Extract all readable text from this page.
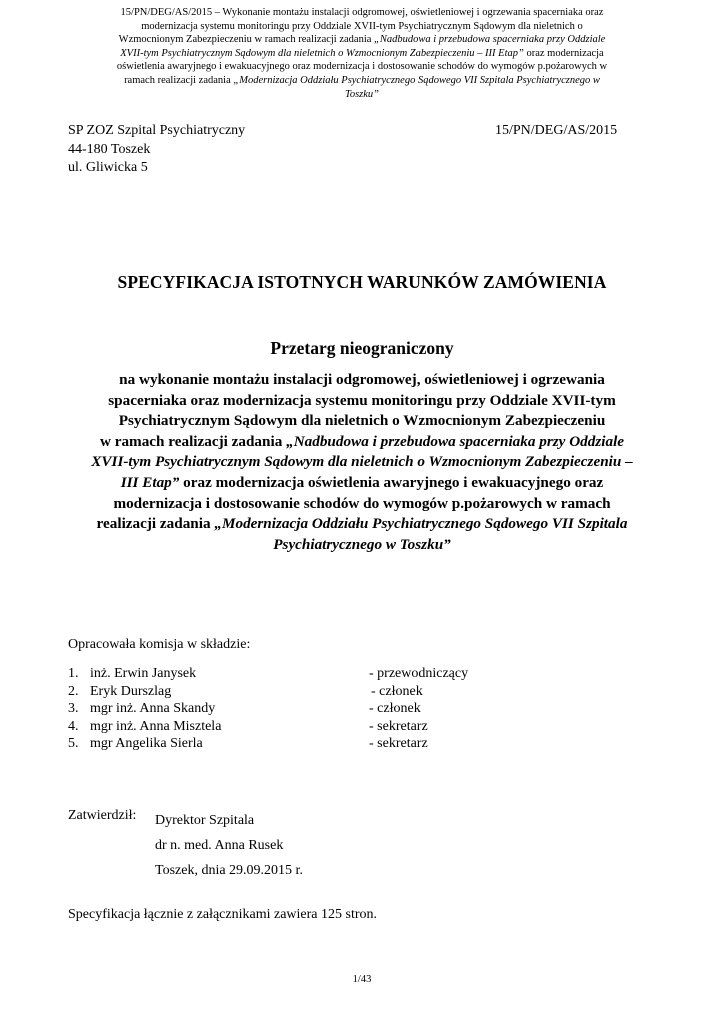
15/PN/DEG/AS/2015 – Wykonanie montażu instalacji odgromowej, oświetleniowej i ogrzewania spacerniaka oraz
modernizacja systemu monitoringu przy Oddziale XVII-tym Psychiatrycznym Sądowym dla nieletnich o
Wzmocnionym Zabezpieczeniu w ramach realizacji zadania „Nadbudowa i przebudowa spacerniaka przy Oddziale
XVII-tym Psychiatrycznym Sądowym dla nieletnich o Wzmocnionym Zabezpieczeniu – III Etap” oraz modernizacja
oświetlenia awaryjnego i ewakuacyjnego oraz modernizacja i dostosowanie schodów do wymogów p.pożarowych w
ramach realizacji zadania „Modernizacja Oddziału Psychiatrycznego Sądowego VII Szpitala Psychiatrycznego w
Toszku”
SP ZOZ Szpital Psychiatryczny
44-180 Toszek
ul. Gliwicka 5
15/PN/DEG/AS/2015
SPECYFIKACJA ISTOTNYCH WARUNKÓW ZAMÓWIENIA
Przetarg nieograniczony
na wykonanie montażu instalacji odgromowej, oświetleniowej i ogrzewania
spacerniaka oraz modernizacja systemu monitoringu przy Oddziale XVII-tym
Psychiatrycznym Sądowym dla nieletnich o Wzmocnionym Zabezpieczeniu
w ramach realizacji zadania „Nadbudowa i przebudowa spacerniaka przy Oddziale
XVII-tym Psychiatrycznym Sądowym dla nieletnich o Wzmocnionym Zabezpieczeniu –
III Etap” oraz modernizacja oświetlenia awaryjnego i ewakuacyjnego oraz
modernizacja i dostosowanie schodów do wymogów p.pożarowych w ramach
realizacji zadania „Modernizacja Oddziału Psychiatrycznego Sądowego VII Szpitala
Psychiatrycznego w Toszku”
Opracowała komisja w składzie:
1. inż. Erwin Janysek	- przewodniczący
2. Eryk Durszlag	- członek
3. mgr inż. Anna Skandy	- członek
4. mgr inż. Anna Misztela	- sekretarz
5. mgr Angelika Sierla	- sekretarz
Zatwierdził: Dyrektor Szpitala
dr n. med. Anna Rusek
Toszek, dnia 29.09.2015 r.
Specyfikacja łącznie z załącznikami zawiera 125 stron.
1/43
